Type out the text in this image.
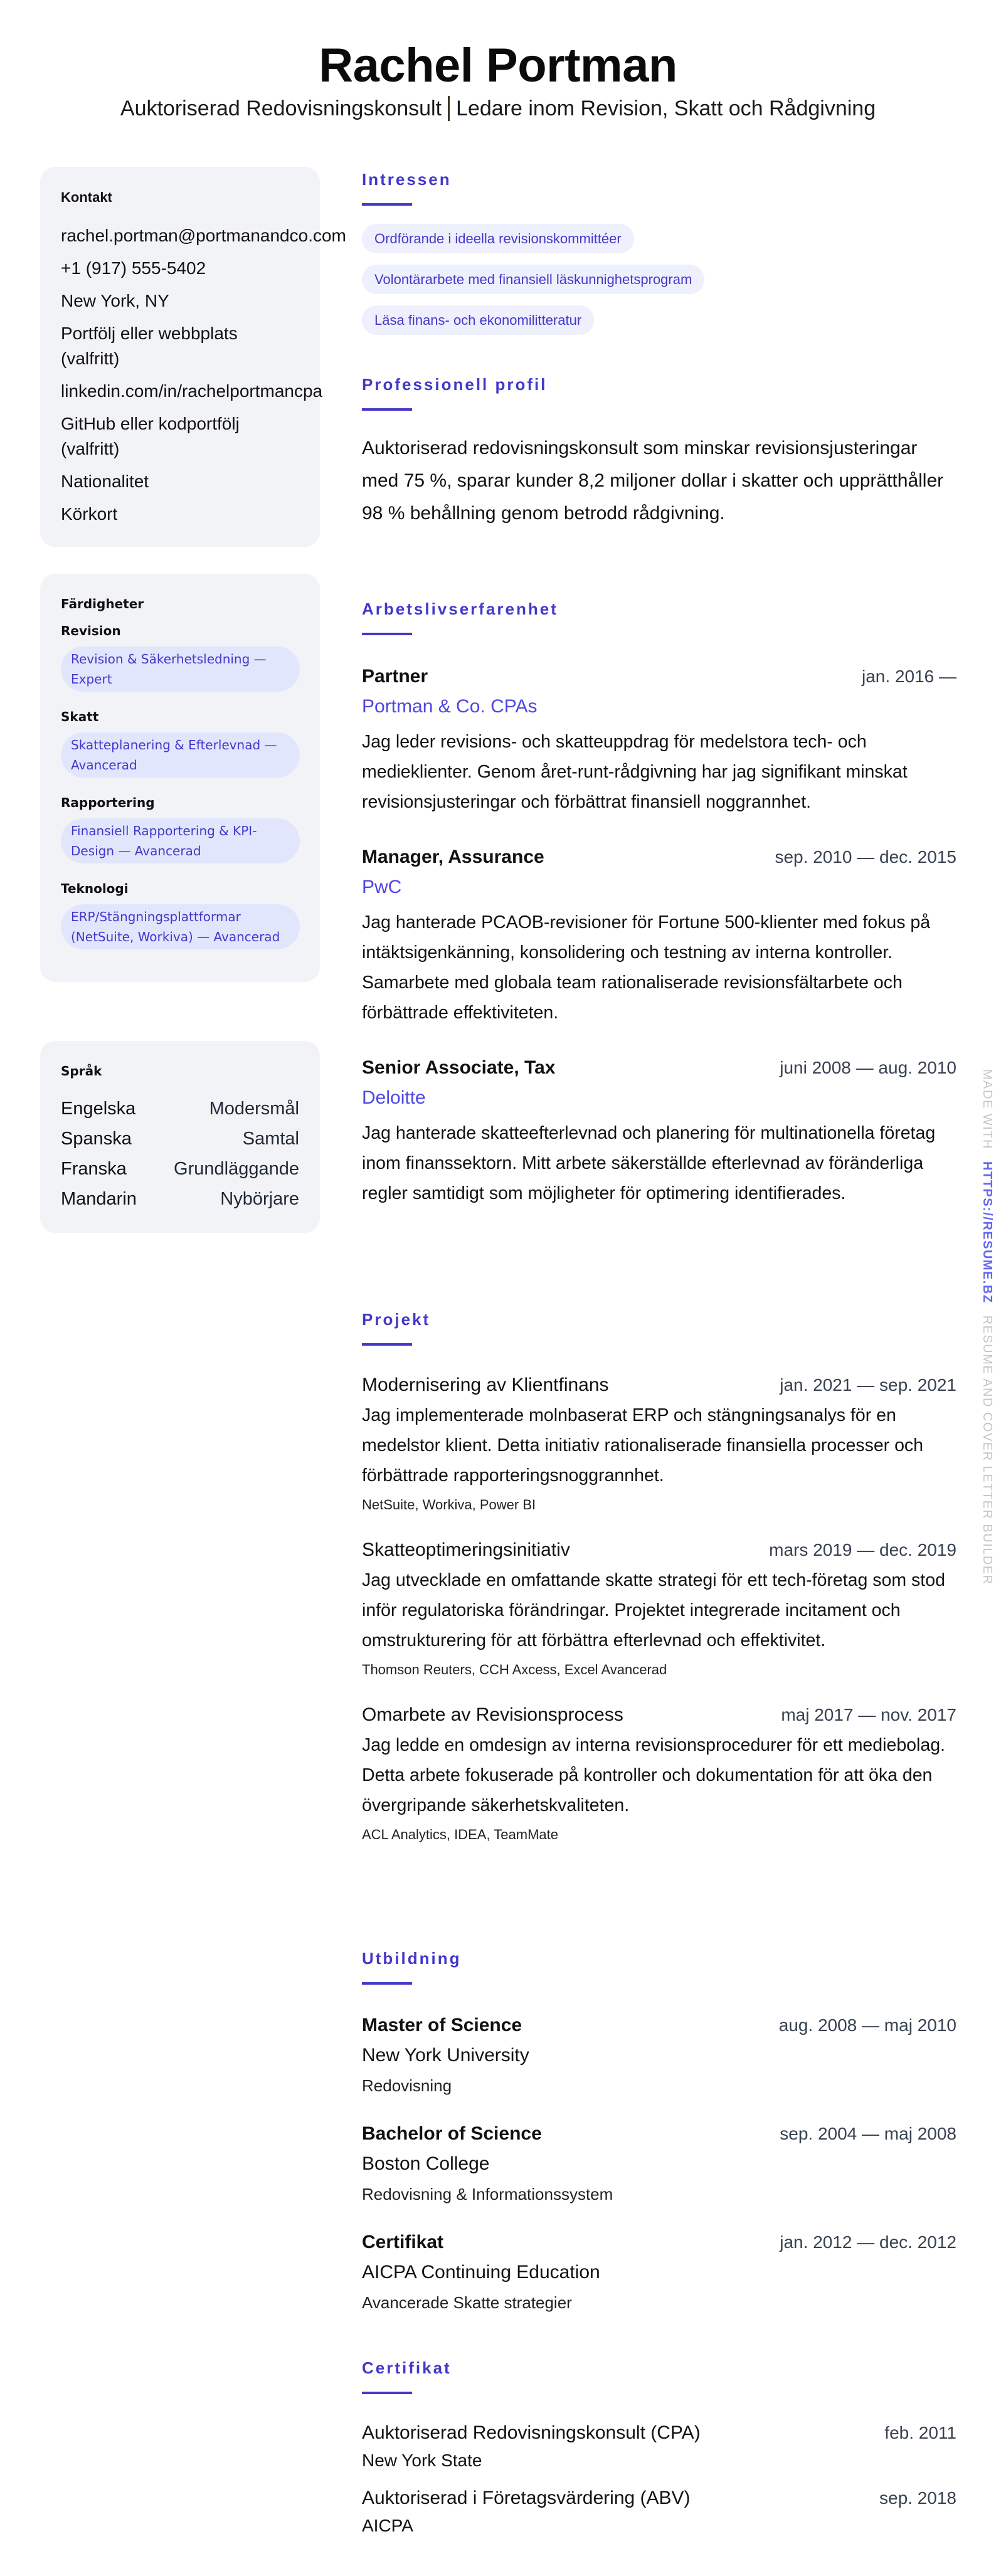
Rachel Portman
Auktoriserad Redovisningskonsult Ledare inom Revision, Skatt och Rådgivning
Kontakt
rachel.portman@portmanandco.com
+1 (917) 555-5402
New York, NY
Portfölj eller webbplats (valfritt)
linkedin.com/in/rachelportmancpa
GitHub eller kodportfölj (valfritt)
Nationalitet
Körkort
Färdigheter
Revision
Revision & Säkerhetsledning — Expert
Skatt
Skatteplanering & Efterlevnad — Avancerad
Rapportering
Finansiell Rapportering & KPI-Design — Avancerad
Teknologi
ERP/Stängningsplattformar (NetSuite, Workiva) — Avancerad
Språk
Engelska	Modersmål
Spanska	Samtal
Franska	Grundläggande
Mandarin	Nybörjare
Intressen
Ordförande i ideella revisionskommittéer
Volontärarbete med finansiell läskunnighetsprogram
Läsa finans- och ekonomilitteratur
Professionell profil
Auktoriserad redovisningskonsult som minskar revisionsjusteringar med 75 %, sparar kunder 8,2 miljoner dollar i skatter och upprätthåller 98 % behållning genom betrodd rådgivning.
Arbetslivserfarenhet
Partner	jan. 2016 —
Portman & Co. CPAs
Jag leder revisions- och skatteuppdrag för medelstora tech- och medieklienter. Genom året-runt-rådgivning har jag signifikant minskat revisionsjusteringar och förbättrat finansiell noggrannhet.
Manager, Assurance	sep. 2010 — dec. 2015
PwC
Jag hanterade PCAOB-revisioner för Fortune 500-klienter med fokus på intäktsigenkänning, konsolidering och testning av interna kontroller. Samarbete med globala team rationaliserade revisionsfältarbete och förbättrade effektiviteten.
Senior Associate, Tax	juni 2008 — aug. 2010
Deloitte
Jag hanterade skatteefterlevnad och planering för multinationella företag inom finanssektorn. Mitt arbete säkerställde efterlevnad av föränderliga regler samtidigt som möjligheter för optimering identifierades.
Projekt
Modernisering av Klientfinans	jan. 2021 — sep. 2021
Jag implementerade molnbaserat ERP och stängningsanalys för en medelstor klient. Detta initiativ rationaliserade finansiella processer och förbättrade rapporteringsnoggrannhet.
NetSuite, Workiva, Power BI
Skatteoptimeringsinitiativ	mars 2019 — dec. 2019
Jag utvecklade en omfattande skatte strategi för ett tech-företag som stod inför regulatoriska förändringar. Projektet integrerade incitament och omstrukturering för att förbättra efterlevnad och effektivitet.
Thomson Reuters, CCH Axcess, Excel Avancerad
Omarbete av Revisionsprocess	maj 2017 — nov. 2017
Jag ledde en omdesign av interna revisionsprocedurer för ett mediebolag. Detta arbete fokuserade på kontroller och dokumentation för att öka den övergripande säkerhetskvaliteten.
ACL Analytics, IDEA, TeamMate
Utbildning
Master of Science	aug. 2008 — maj 2010
New York University
Redovisning
Bachelor of Science	sep. 2004 — maj 2008
Boston College
Redovisning & Informationssystem
Certifikat	jan. 2012 — dec. 2012
AICPA Continuing Education
Avancerade Skatte strategier
Certifikat
Auktoriserad Redovisningskonsult (CPA)	feb. 2011
New York State
Auktoriserad i Företagsvärdering (ABV)	sep. 2018
AICPA
MADE WITH HTTPS://RESUME.BZ RESUME AND COVER LETTER BUILDER
